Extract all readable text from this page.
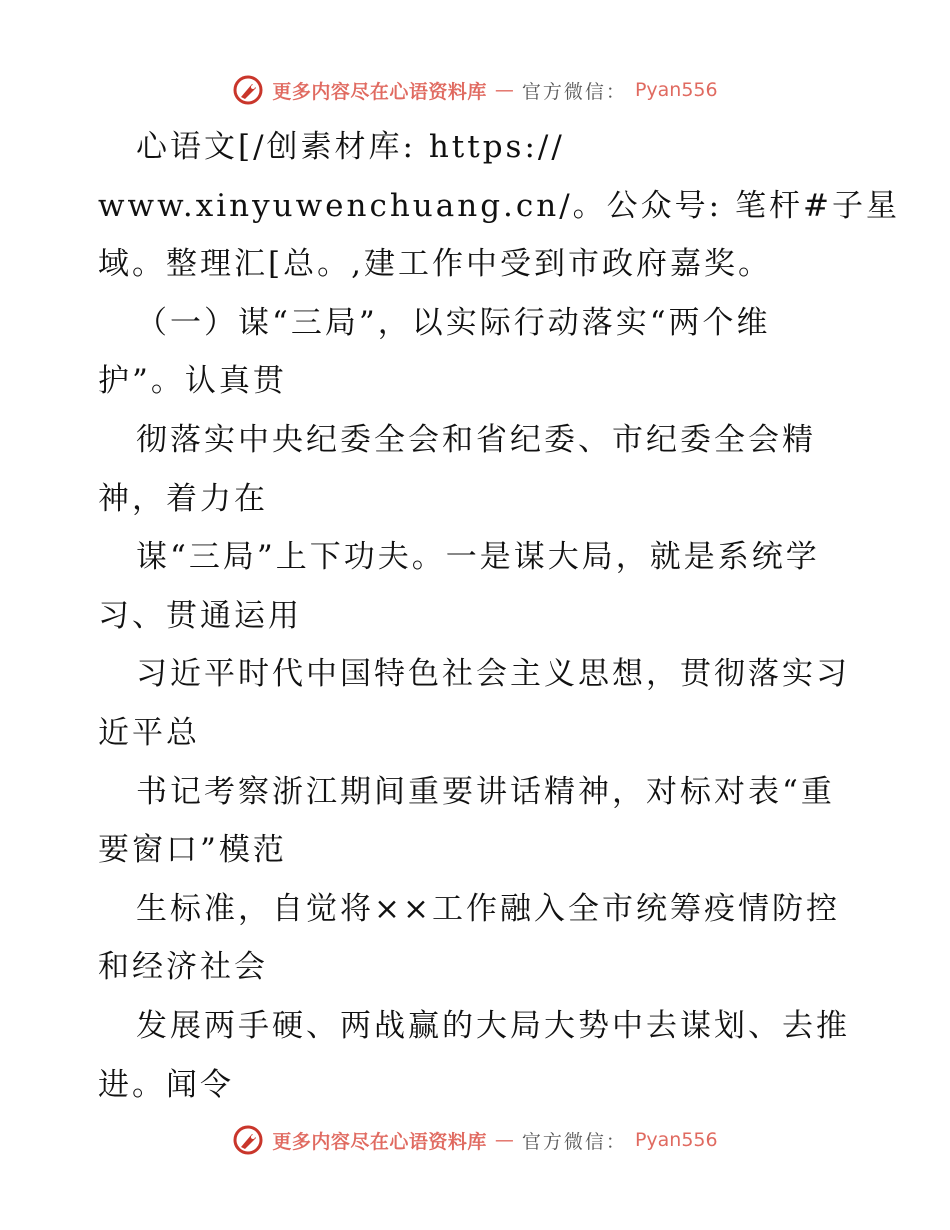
更多内容尽在心语资料库 — 官方微信： Pyan556
心语文[/创素材库: https://
www.xinyuwenchuang.cn/。公众号: 笔杆#子星
域。整理汇[总。,建工作中受到市政府嘉奖。
（一）谋“三局”，以实际行动落实“两个维
护”。认真贯
彻落实中央纪委全会和省纪委、市纪委全会精
神，着力在
谋“三局”上下功夫。一是谋大局，就是系统学
习、贯通运用
习近平时代中国特色社会主义思想，贯彻落实习
近平总
书记考察浙江期间重要讲话精神，对标对表“重
要窗口”模范
生标准，自觉将××工作融入全市统筹疫情防控
和经济社会
发展两手硬、两战赢的大局大势中去谋划、去推
进。闻令
更多内容尽在心语资料库 — 官方微信： Pyan556
